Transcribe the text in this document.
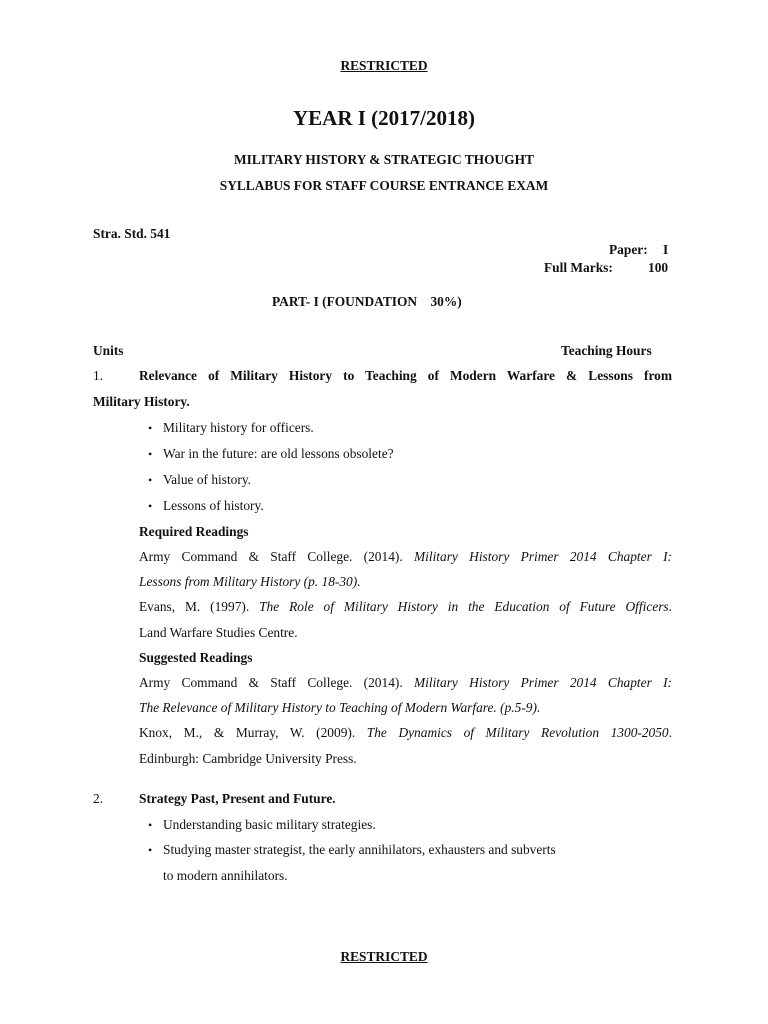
RESTRICTED
YEAR I (2017/2018)
MILITARY HISTORY & STRATEGIC THOUGHT
SYLLABUS FOR STAFF COURSE ENTRANCE EXAM
Stra. Std. 541
Paper: I
Full Marks:	100
PART- I (FOUNDATION    30%)
Units	Teaching Hours
1.	Relevance of Military History to Teaching of Modern Warfare & Lessons from
Military History.
• Military history for officers.
• War in the future: are old lessons obsolete?
• Value of history.
• Lessons of history.
Required Readings
Army Command & Staff College. (2014). Military History Primer 2014 Chapter I:
Lessons from Military History (p. 18-30).
Evans, M. (1997). The Role of Military History in the Education of Future Officers.
Land Warfare Studies Centre.
Suggested Readings
Army Command & Staff College. (2014). Military History Primer 2014 Chapter I:
The Relevance of Military History to Teaching of Modern Warfare. (p.5-9).
Knox, M., & Murray, W. (2009). The Dynamics of Military Revolution 1300-2050.
Edinburgh: Cambridge University Press.
2.	Strategy Past, Present and Future.
• Understanding basic military strategies.
• Studying master strategist, the early annihilators, exhausters and subverts
to modern annihilators.
RESTRICTED
